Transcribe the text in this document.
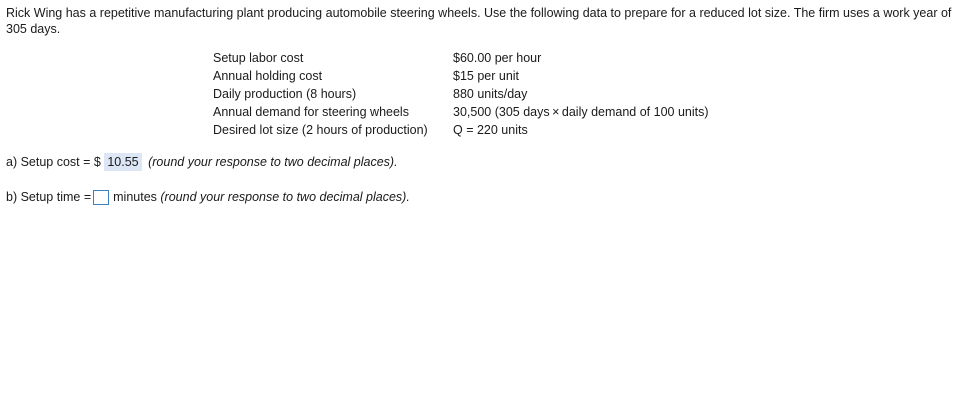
Rick Wing has a repetitive manufacturing plant producing automobile steering wheels. Use the following data to prepare for a reduced lot size. The firm uses a work year of 305 days.
Setup labor cost	$60.00 per hour
Annual holding cost	$15 per unit
Daily production (8 hours)	880 units/day
Annual demand for steering wheels	30,500 (305 days × daily demand of 100 units)
Desired lot size (2 hours of production)	Q = 220 units
a) Setup cost = $ 10.55 (round your response to two decimal places).
b) Setup time = minutes (round your response to two decimal places).
